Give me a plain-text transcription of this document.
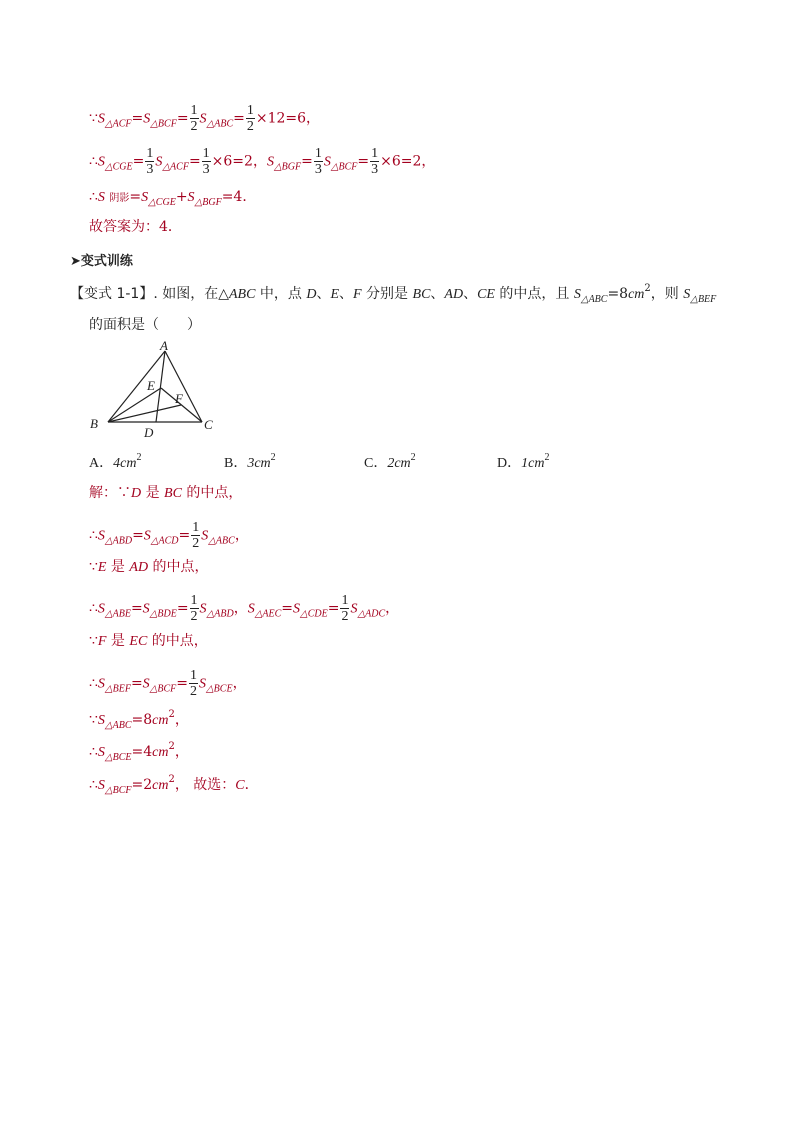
$\because S_{\triangle ACF}=S_{\triangle BCF}= \frac{1}{2} S_{\triangle ABC}= \frac{1}{2} \times 12=6$，
$\therefore S_{\triangle CGE}= \frac{1}{3} S_{\triangle ACF}= \frac{1}{3} \times 6=2$，$S_{\triangle BGF}= \frac{1}{3} S_{\triangle BCF}= \frac{1}{3} \times 6=2$，
∴S 阴影$=S_{\triangle CGE}+S_{\triangle BGF}=4$．
故答案为：4．
➤变式训练
【变式 1-1】. 如图，在△ABC 中，点 D、E、F 分别是 BC、AD、CE 的中点，且 $S_{\triangle ABC}=8cm^2$，则 $S_{\triangle BEF}$
的面积是（　　）
A
B	C
D
E
F
A．$4cm^2$	B．$3cm^2$	C．$2cm^2$	D．$1cm^2$
解：∵D 是 BC 的中点，
$\therefore S_{\triangle ABD}=S_{\triangle ACD}= \frac{1}{2} S_{\triangle ABC}$，
∵E 是 AD 的中点，
$\therefore S_{\triangle ABE}=S_{\triangle BDE}= \frac{1}{2} S_{\triangle ABD}$，$S_{\triangle AEC}=S_{\triangle CDE}= \frac{1}{2} S_{\triangle ADC}$，
∵F 是 EC 的中点，
$\therefore S_{\triangle BEF}=S_{\triangle BCF}= \frac{1}{2} S_{\triangle BCE}$，
$\because S_{\triangle ABC}=8cm^2$，
$\therefore S_{\triangle BCE}=4cm^2$，
$\therefore S_{\triangle BCF}=2cm^2$， 故选：C．
